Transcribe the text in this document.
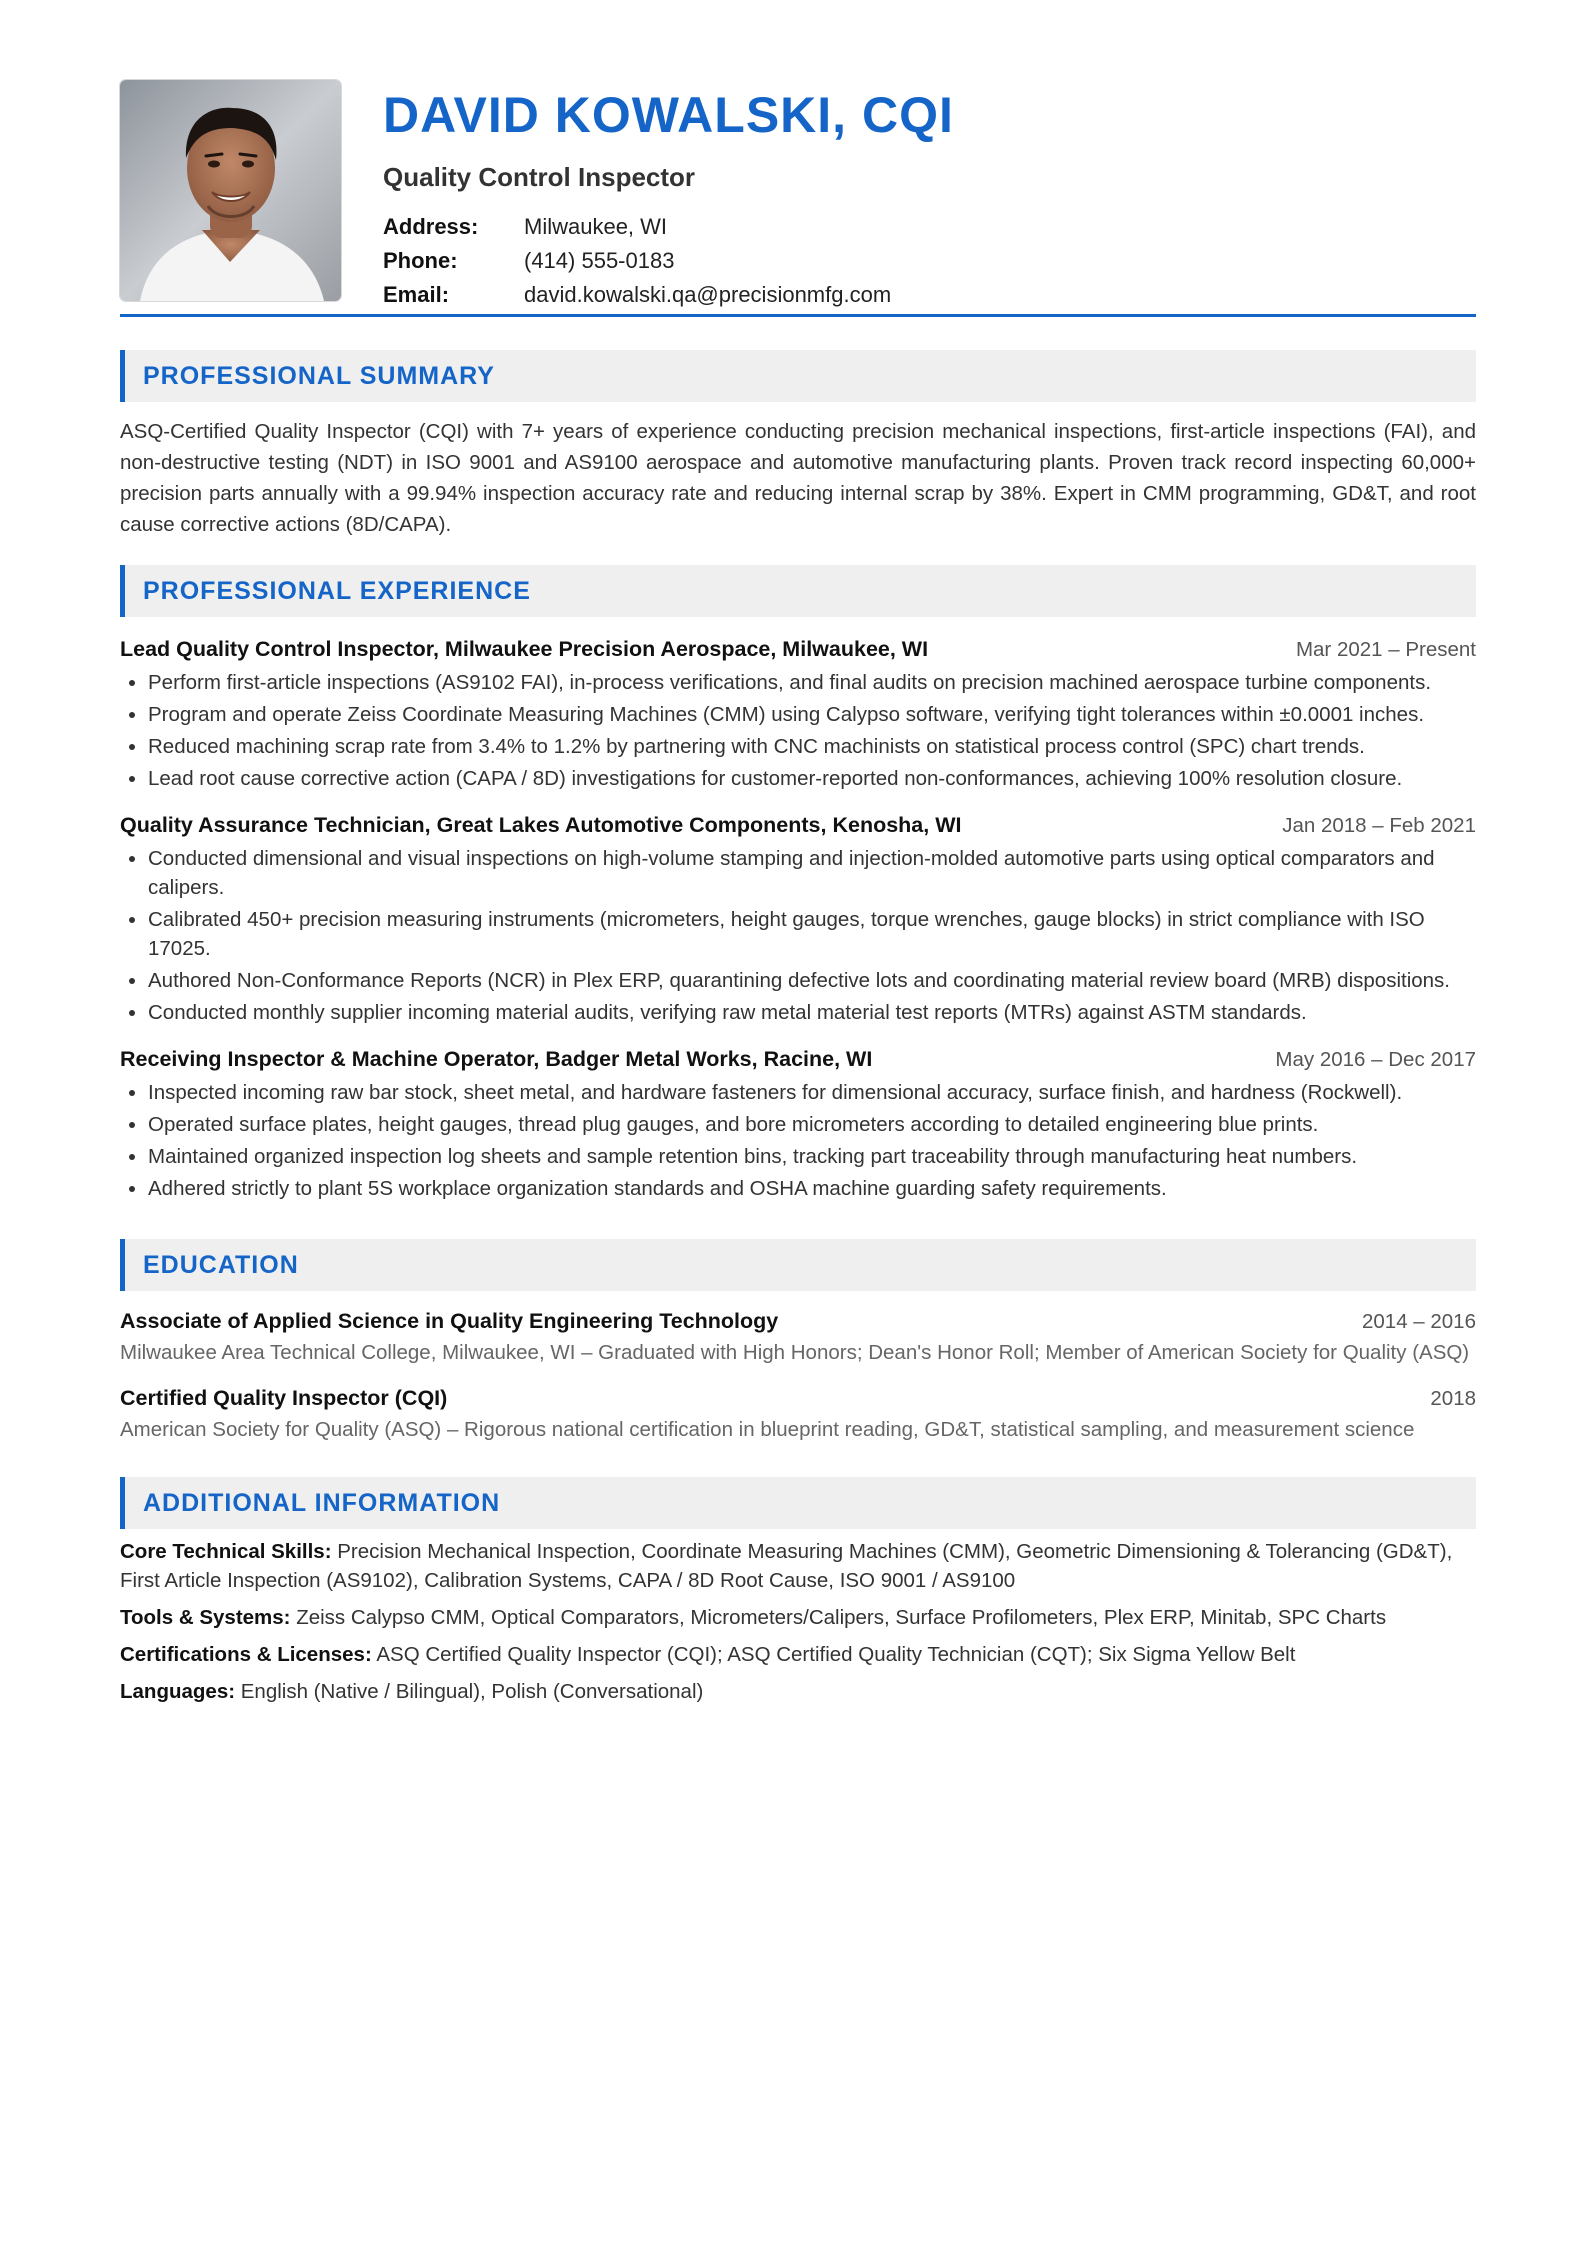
DAVID KOWALSKI, CQI
Quality Control Inspector
Address:	Milwaukee, WI
Phone:	(414) 555-0183
Email:	david.kowalski.qa@precisionmfg.com
PROFESSIONAL SUMMARY
ASQ-Certified Quality Inspector (CQI) with 7+ years of experience conducting precision mechanical inspections, first-article inspections (FAI), and non-destructive testing (NDT) in ISO 9001 and AS9100 aerospace and automotive manufacturing plants. Proven track record inspecting 60,000+ precision parts annually with a 99.94% inspection accuracy rate and reducing internal scrap by 38%. Expert in CMM programming, GD&T, and root cause corrective actions (8D/CAPA).
PROFESSIONAL EXPERIENCE
Lead Quality Control Inspector, Milwaukee Precision Aerospace, Milwaukee, WI	Mar 2021 – Present
• Perform first-article inspections (AS9102 FAI), in-process verifications, and final audits on precision machined aerospace turbine components.
• Program and operate Zeiss Coordinate Measuring Machines (CMM) using Calypso software, verifying tight tolerances within ±0.0001 inches.
• Reduced machining scrap rate from 3.4% to 1.2% by partnering with CNC machinists on statistical process control (SPC) chart trends.
• Lead root cause corrective action (CAPA / 8D) investigations for customer-reported non-conformances, achieving 100% resolution closure.
Quality Assurance Technician, Great Lakes Automotive Components, Kenosha, WI	Jan 2018 – Feb 2021
• Conducted dimensional and visual inspections on high-volume stamping and injection-molded automotive parts using optical comparators and calipers.
• Calibrated 450+ precision measuring instruments (micrometers, height gauges, torque wrenches, gauge blocks) in strict compliance with ISO 17025.
• Authored Non-Conformance Reports (NCR) in Plex ERP, quarantining defective lots and coordinating material review board (MRB) dispositions.
• Conducted monthly supplier incoming material audits, verifying raw metal material test reports (MTRs) against ASTM standards.
Receiving Inspector & Machine Operator, Badger Metal Works, Racine, WI	May 2016 – Dec 2017
• Inspected incoming raw bar stock, sheet metal, and hardware fasteners for dimensional accuracy, surface finish, and hardness (Rockwell).
• Operated surface plates, height gauges, thread plug gauges, and bore micrometers according to detailed engineering blue prints.
• Maintained organized inspection log sheets and sample retention bins, tracking part traceability through manufacturing heat numbers.
• Adhered strictly to plant 5S workplace organization standards and OSHA machine guarding safety requirements.
EDUCATION
Associate of Applied Science in Quality Engineering Technology	2014 – 2016
Milwaukee Area Technical College, Milwaukee, WI – Graduated with High Honors; Dean's Honor Roll; Member of American Society for Quality (ASQ)
Certified Quality Inspector (CQI)	2018
American Society for Quality (ASQ) – Rigorous national certification in blueprint reading, GD&T, statistical sampling, and measurement science
ADDITIONAL INFORMATION
Core Technical Skills: Precision Mechanical Inspection, Coordinate Measuring Machines (CMM), Geometric Dimensioning & Tolerancing (GD&T), First Article Inspection (AS9102), Calibration Systems, CAPA / 8D Root Cause, ISO 9001 / AS9100
Tools & Systems: Zeiss Calypso CMM, Optical Comparators, Micrometers/Calipers, Surface Profilometers, Plex ERP, Minitab, SPC Charts
Certifications & Licenses: ASQ Certified Quality Inspector (CQI); ASQ Certified Quality Technician (CQT); Six Sigma Yellow Belt
Languages: English (Native / Bilingual), Polish (Conversational)
